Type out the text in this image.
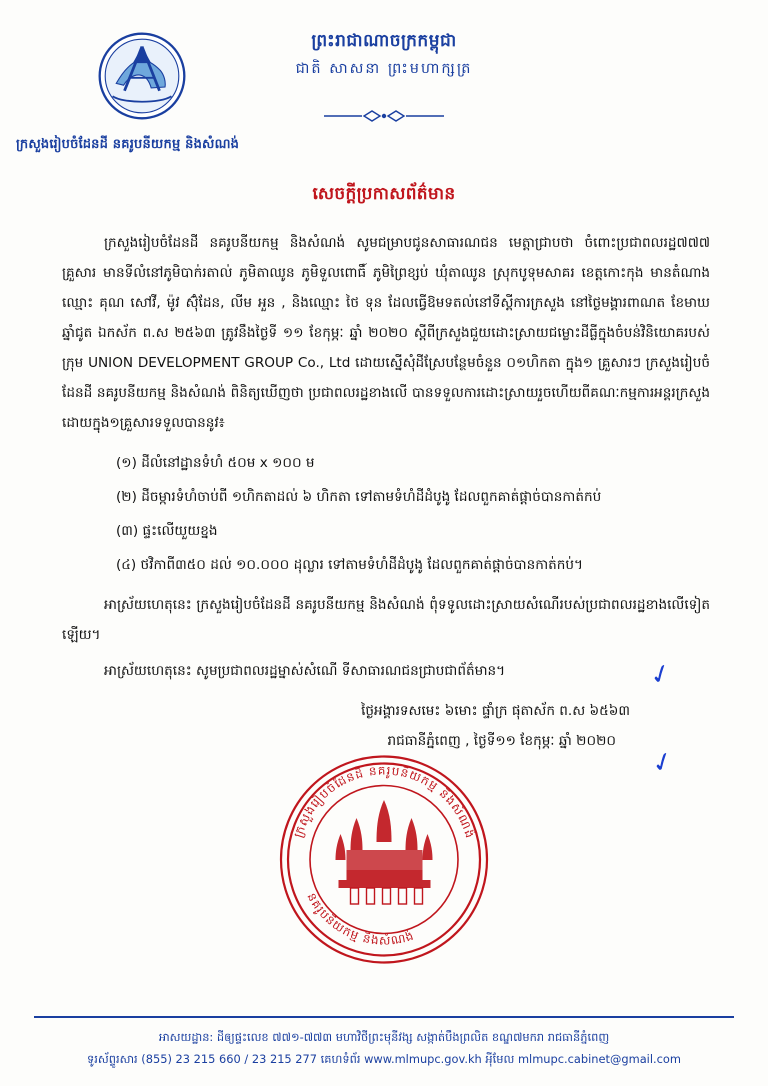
ព្រះរាជាណាចក្រកម្ពុជា
ជាតិ សាសនា ព្រះមហាក្សត្រ
ក្រសួងរៀបចំដែនដី នគរូបនីយកម្ម និងសំណង់
សេចក្តីប្រកាសព័ត៌មាន

ក្រសួងរៀបចំដែនដី នគរូបនីយកម្ម និងសំណង់ សូមជម្រាបជូនសាធារណជន មេត្តាជ្រាបថា ចំពោះប្រជាពលរដ្ឋ៧៧៧ គ្រួសារ មានទីលំនៅភូមិបាក់រតាល់ ភូមិតាឈូន ភូមិទួលពោធិ៍ ភូមិព្រៃខ្សប់ ឃុំតាឈូន ស្រុកបូទុមសាគរ ខេត្តកោះកុង មានតំណាងឈ្មោះ គុណ សៅវី, ម៉ូវ ស៊ុំដែន, លីម អួន , និងឈ្មោះ ថៃ ទុន ដែលធ្វើឱមទតល់នៅទីស្តីការក្រសួង នៅថ្ងៃមង្គារពាណត ខែមាឃ ឆ្នាំជូត ឯកស័ក ព.ស ២៥៦៣ ត្រូវនឹងថ្ងៃទី ១១ ខែកុម្ភៈ ឆ្នាំ ២០២០ ស្តីពីក្រសួងជួយដោះស្រាយជម្លោះដីធ្លីក្នុងចំបន់វិនិយោគរបស់ក្រុម UNION DEVELOPMENT GROUP Co., Ltd ដោយស្នើសុំដីស្រែបន្ថែមចំនួន ០១ហិកតា ក្នុង១ គ្រួសារៗ ក្រសួងរៀបចំដែនដី នគរូបនីយកម្ម និងសំណង់ ពិនិត្យឃើញថា ប្រជាពលរដ្ឋខាងលើ បានទទួលការដោះស្រាយរួចហើយពីគណៈកម្មការអន្តរក្រសួង ដោយក្នុង១គ្រួសារទទួលបាននូវ៖

(១) ដីលំនៅដ្ឋានទំហំ ៥០ម x ១០០ ម
(២) ដីចម្ការទំហំចាប់ពី ១ហិកតាដល់ ៦ ហិកតា ទៅតាមទំហំដីដំបូងូ ដែលពួកគាត់ផ្តាច់បានកាត់កប់
(៣) ផ្ទះលើយួយខ្នង
(៤) ថវិកាពី៣៥០ ដល់ ១០.០០០ ដុល្លារ ទៅតាមទំហំដីដំបូងូ ដែលពួកគាត់ផ្តាច់បានកាត់កប់។

អាស្រ័យហេតុនេះ ក្រសួងរៀបចំដែនដី នគរូបនីយកម្ម និងសំណង់ ពុំទទូលដោះស្រាយសំណើរបស់ប្រជាពលរដ្ឋខាងលើទៀតឡើយ។

អាស្រ័យហេតុនេះ សូមប្រជាពលរដ្ឋម្នាស់សំណើ ទីសាធារណជនជ្រាបជាព័ត៌មាន។

ថ្ងៃអង្គារទសមេះ ៦មោះ ផ្ទាំក្រ ផុតាស័ក ព.ស ៦៥៦៣
រាជធានីភ្នំពេញ , ថ្ងៃទី១១ ខែកុម្ភៈ ឆ្នាំ ២០២០
✓
✓
ក្រសួងរៀបចំដែនដី នគរូបនីយកម្ម និងសំណង់
នគរូបនីយកម្ម និងសំណង់
អាសយដ្ឋាន: ដីឲ្យផ្ទះលេខ ៧៧១-៧៧៣ មហាវិថីព្រះមុនីវង្ស សង្កាត់បឹងព្រលិត ខណ្ឌ៧មករា រាជធានីភ្នំពេញ
ទូរស័ព្ទូរសារ (855) 23 215 660 / 23 215 277 គេហទំព័រ www.mlmupc.gov.kh អុីមែល mlmupc.cabinet@gmail.com
